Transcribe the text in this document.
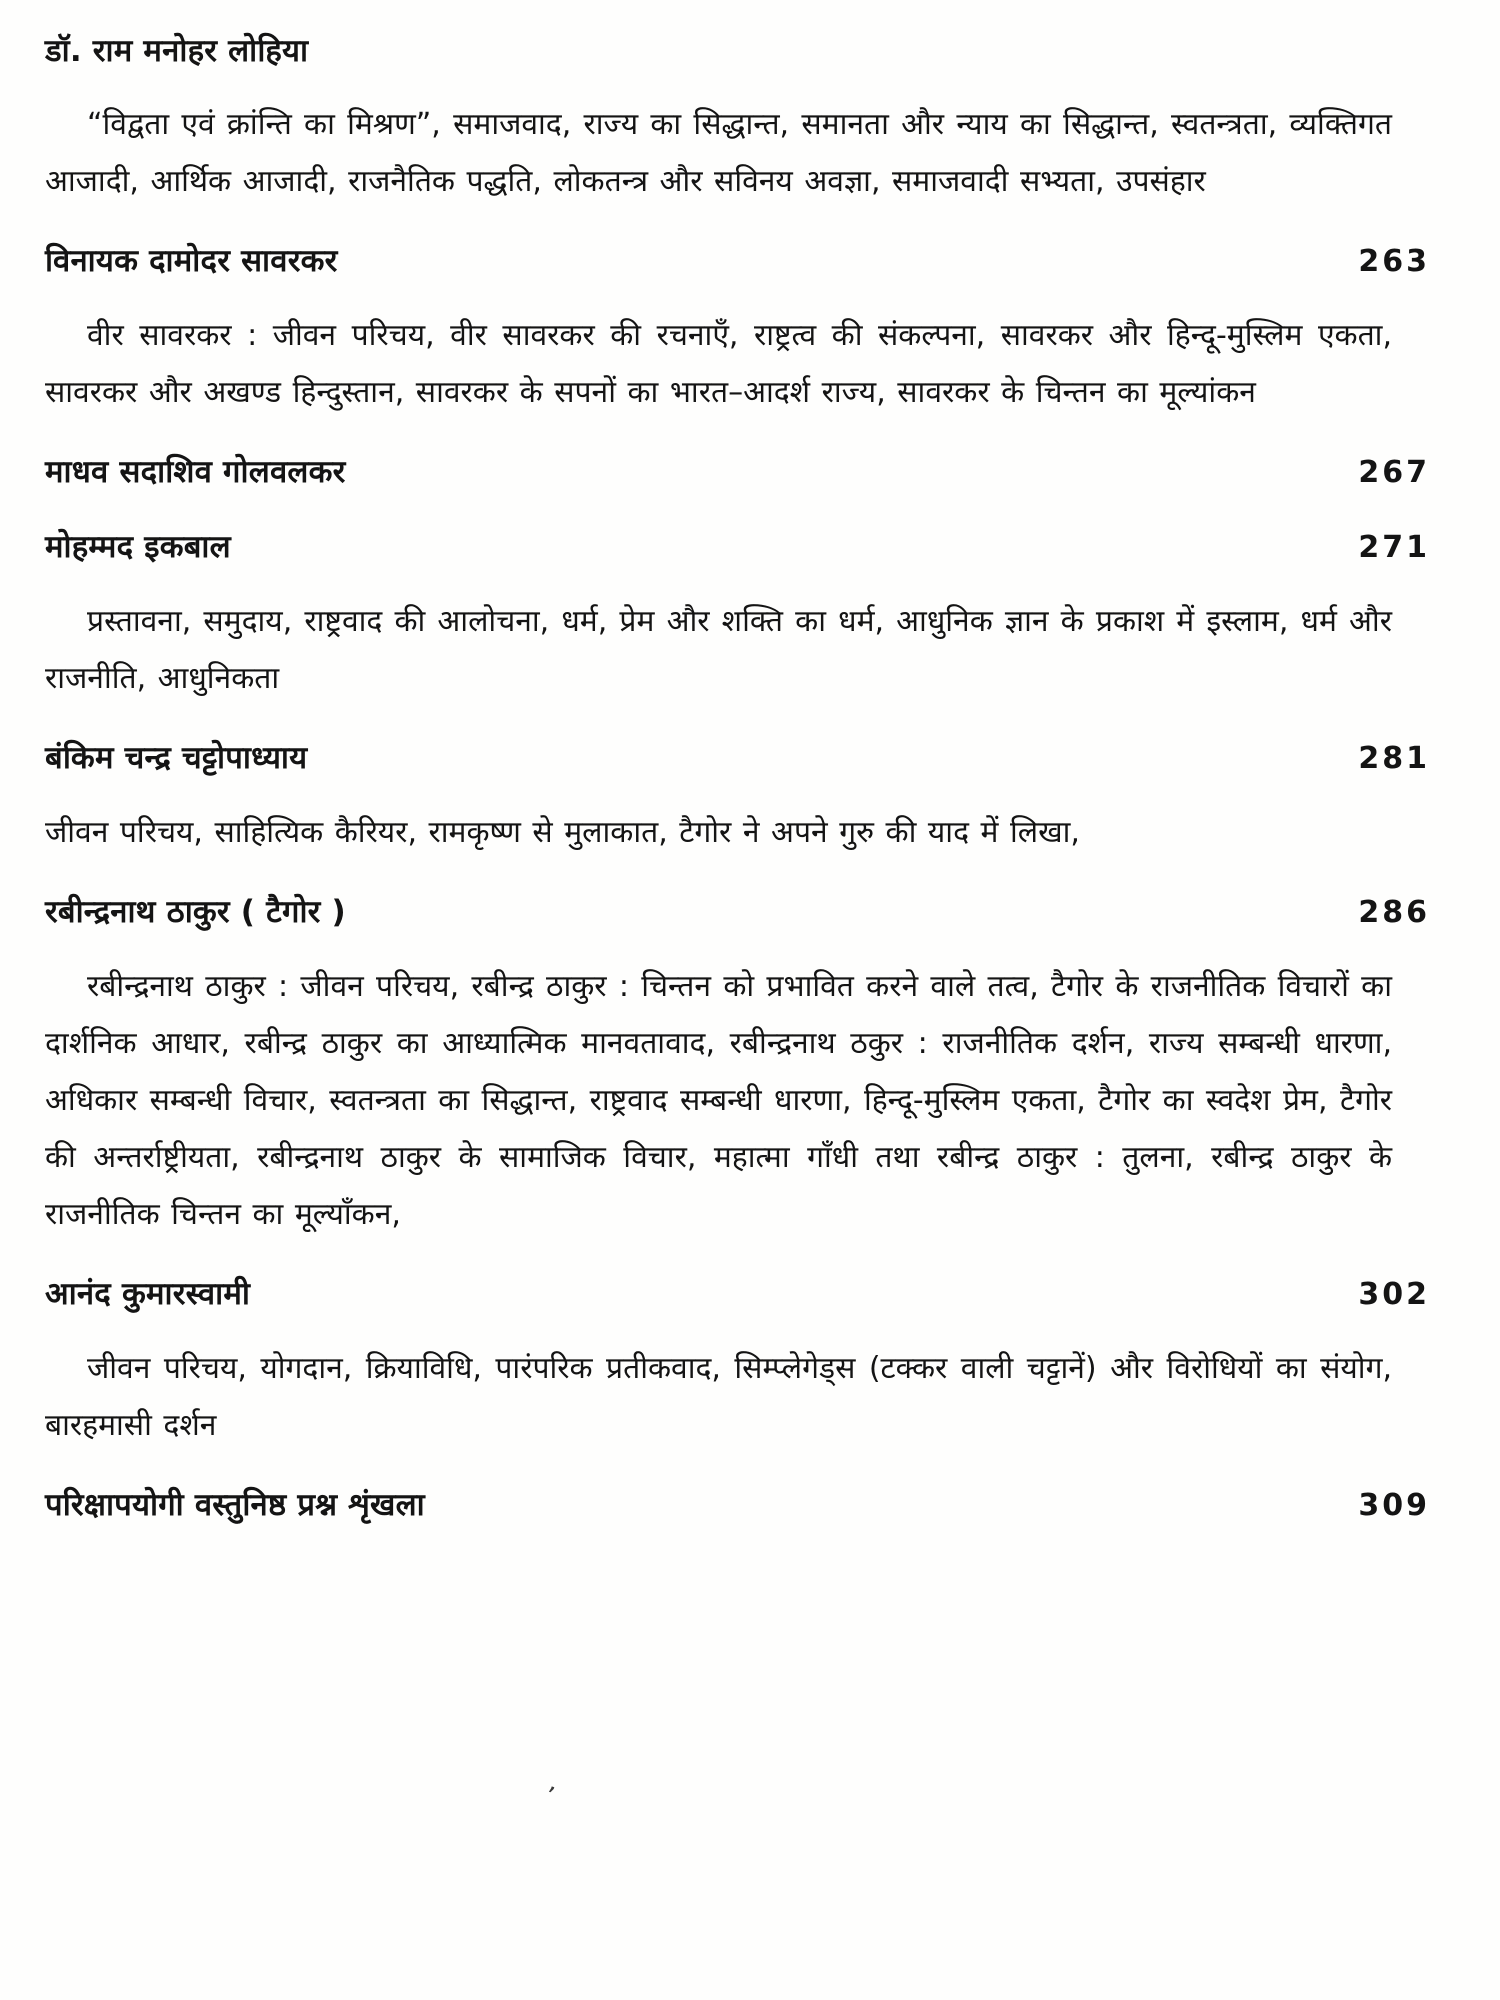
डॉ. राम मनोहर लोहिया

“विद्वता एवं क्रांन्ति का मिश्रण”, समाजवाद, राज्य का सिद्धान्त, समानता और न्याय का सिद्धान्त, स्वतन्त्रता, व्यक्तिगत आजादी, आर्थिक आजादी, राजनैतिक पद्धति, लोकतन्त्र और सविनय अवज्ञा, समाजवादी सभ्यता, उपसंहार

विनायक दामोदर सावरकर	263

वीर सावरकर : जीवन परिचय, वीर सावरकर की रचनाएँ, राष्ट्रत्व की संकल्पना, सावरकर और हिन्दू-मुस्लिम एकता, सावरकर और अखण्ड हिन्दुस्तान, सावरकर के सपनों का भारत–आदर्श राज्य, सावरकर के चिन्तन का मूल्यांकन

माधव सदाशिव गोलवलकर	267
मोहम्मद इकबाल	271

प्रस्तावना, समुदाय, राष्ट्रवाद की आलोचना, धर्म, प्रेम और शक्ति का धर्म, आधुनिक ज्ञान के प्रकाश में इस्लाम, धर्म और राजनीति, आधुनिकता

बंकिम चन्द्र चट्टोपाध्याय	281

जीवन परिचय, साहित्यिक कैरियर, रामकृष्ण से मुलाकात, टैगोर ने अपने गुरु की याद में लिखा,

रबीन्द्रनाथ ठाकुर ( टैगोर )	286

रबीन्द्रनाथ ठाकुर : जीवन परिचय, रबीन्द्र ठाकुर : चिन्तन को प्रभावित करने वाले तत्व, टैगोर के राजनीतिक विचारों का दार्शनिक आधार, रबीन्द्र ठाकुर का आध्यात्मिक मानवतावाद, रबीन्द्रनाथ ठकुर : राजनीतिक दर्शन, राज्य सम्बन्धी धारणा, अधिकार सम्बन्धी विचार, स्वतन्त्रता का सिद्धान्त, राष्ट्रवाद सम्बन्धी धारणा, हिन्दू-मुस्लिम एकता, टैगोर का स्वदेश प्रेम, टैगोर की अन्तर्राष्ट्रीयता, रबीन्द्रनाथ ठाकुर के सामाजिक विचार, महात्मा गाँधी तथा रबीन्द्र ठाकुर : तुलना, रबीन्द्र ठाकुर के राजनीतिक चिन्तन का मूल्याँकन,

आनंद कुमारस्वामी	302

जीवन परिचय, योगदान, क्रियाविधि, पारंपरिक प्रतीकवाद, सिम्प्लेगेड्स (टक्कर वाली चट्टानें) और विरोधियों का संयोग, बारहमासी दर्शन

परिक्षापयोगी वस्तुनिष्ठ प्रश्न शृंखला	309
ʼ
